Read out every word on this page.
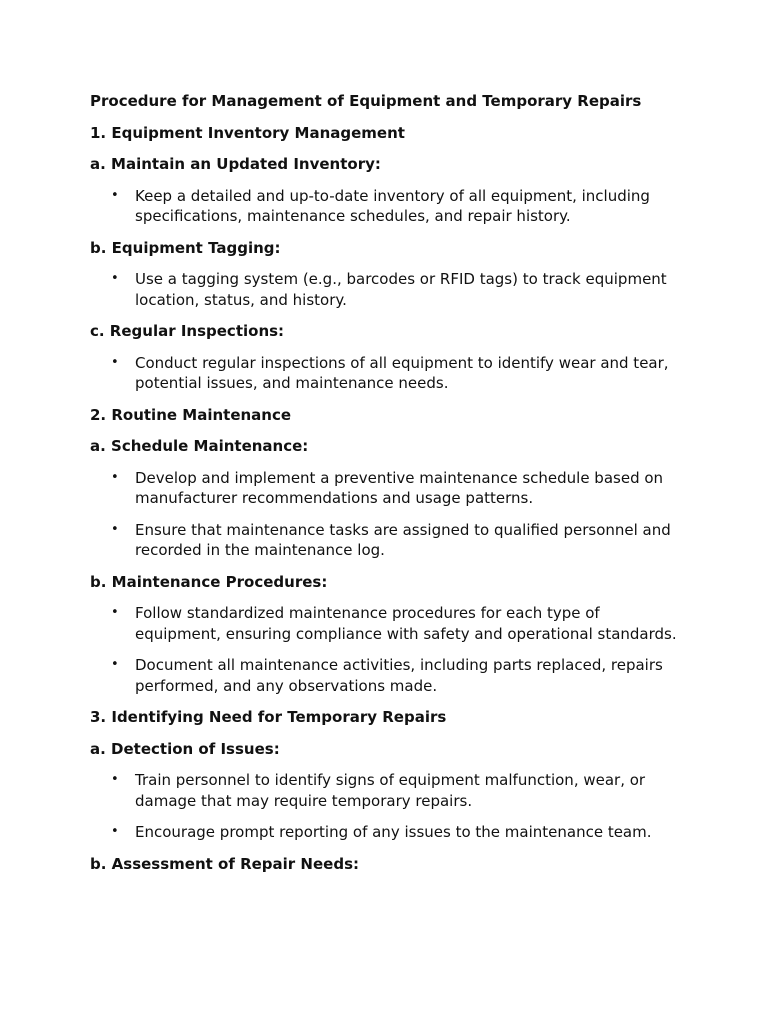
Procedure for Management of Equipment and Temporary Repairs
1. Equipment Inventory Management
a. Maintain an Updated Inventory:
• Keep a detailed and up-to-date inventory of all equipment, including specifications, maintenance schedules, and repair history.
b. Equipment Tagging:
• Use a tagging system (e.g., barcodes or RFID tags) to track equipment location, status, and history.
c. Regular Inspections:
• Conduct regular inspections of all equipment to identify wear and tear, potential issues, and maintenance needs.
2. Routine Maintenance
a. Schedule Maintenance:
• Develop and implement a preventive maintenance schedule based on manufacturer recommendations and usage patterns.
• Ensure that maintenance tasks are assigned to qualified personnel and recorded in the maintenance log.
b. Maintenance Procedures:
• Follow standardized maintenance procedures for each type of equipment, ensuring compliance with safety and operational standards.
• Document all maintenance activities, including parts replaced, repairs performed, and any observations made.
3. Identifying Need for Temporary Repairs
a. Detection of Issues:
• Train personnel to identify signs of equipment malfunction, wear, or damage that may require temporary repairs.
• Encourage prompt reporting of any issues to the maintenance team.
b. Assessment of Repair Needs:
